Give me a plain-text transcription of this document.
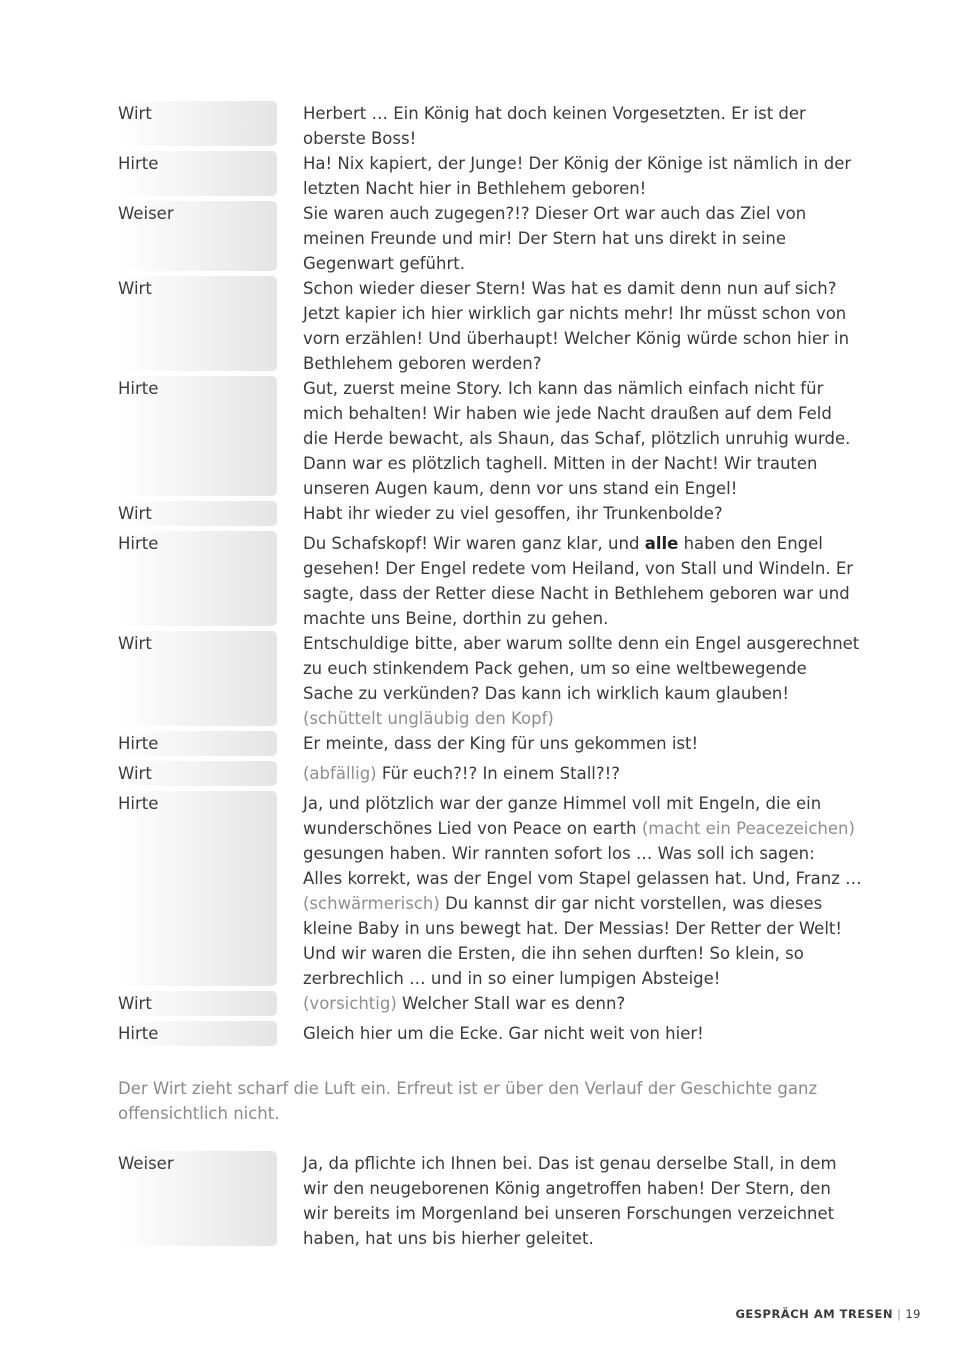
Wirt	Herbert … Ein König hat doch keinen Vorgesetzten. Er ist der
oberste Boss!
Hirte	Ha! Nix kapiert, der Junge! Der König der Könige ist nämlich in der
letzten Nacht hier in Bethlehem geboren!
Weiser	Sie waren auch zugegen?!? Dieser Ort war auch das Ziel von
meinen Freunde und mir! Der Stern hat uns direkt in seine
Gegenwart geführt.
Wirt	Schon wieder dieser Stern! Was hat es damit denn nun auf sich?
Jetzt kapier ich hier wirklich gar nichts mehr! Ihr müsst schon von
vorn erzählen! Und überhaupt! Welcher König würde schon hier in
Bethlehem geboren werden?
Hirte	Gut, zuerst meine Story. Ich kann das nämlich einfach nicht für
mich behalten! Wir haben wie jede Nacht draußen auf dem Feld
die Herde bewacht, als Shaun, das Schaf, plötzlich unruhig wurde.
Dann war es plötzlich taghell. Mitten in der Nacht! Wir trauten
unseren Augen kaum, denn vor uns stand ein Engel!
Wirt	Habt ihr wieder zu viel gesoffen, ihr Trunkenbolde?
Hirte	Du Schafskopf! Wir waren ganz klar, und alle haben den Engel
gesehen! Der Engel redete vom Heiland, von Stall und Windeln. Er
sagte, dass der Retter diese Nacht in Bethlehem geboren war und
machte uns Beine, dorthin zu gehen.
Wirt	Entschuldige bitte, aber warum sollte denn ein Engel ausgerechnet
zu euch stinkendem Pack gehen, um so eine weltbewegende
Sache zu verkünden? Das kann ich wirklich kaum glauben!
(schüttelt ungläubig den Kopf)
Hirte	Er meinte, dass der King für uns gekommen ist!
Wirt	(abfällig) Für euch?!? In einem Stall?!?
Hirte	Ja, und plötzlich war der ganze Himmel voll mit Engeln, die ein
wunderschönes Lied von Peace on earth (macht ein Peacezeichen)
gesungen haben. Wir rannten sofort los … Was soll ich sagen:
Alles korrekt, was der Engel vom Stapel gelassen hat. Und, Franz …
(schwärmerisch) Du kannst dir gar nicht vorstellen, was dieses
kleine Baby in uns bewegt hat. Der Messias! Der Retter der Welt!
Und wir waren die Ersten, die ihn sehen durften! So klein, so
zerbrechlich … und in so einer lumpigen Absteige!
Wirt	(vorsichtig) Welcher Stall war es denn?
Hirte	Gleich hier um die Ecke. Gar nicht weit von hier!
Der Wirt zieht scharf die Luft ein. Erfreut ist er über den Verlauf der Geschichte ganz
offensichtlich nicht.
Weiser	Ja, da pflichte ich Ihnen bei. Das ist genau derselbe Stall, in dem
wir den neugeborenen König angetroffen haben! Der Stern, den
wir bereits im Morgenland bei unseren Forschungen verzeichnet
haben, hat uns bis hierher geleitet.
GESPRÄCH AM TRESEN | 19
